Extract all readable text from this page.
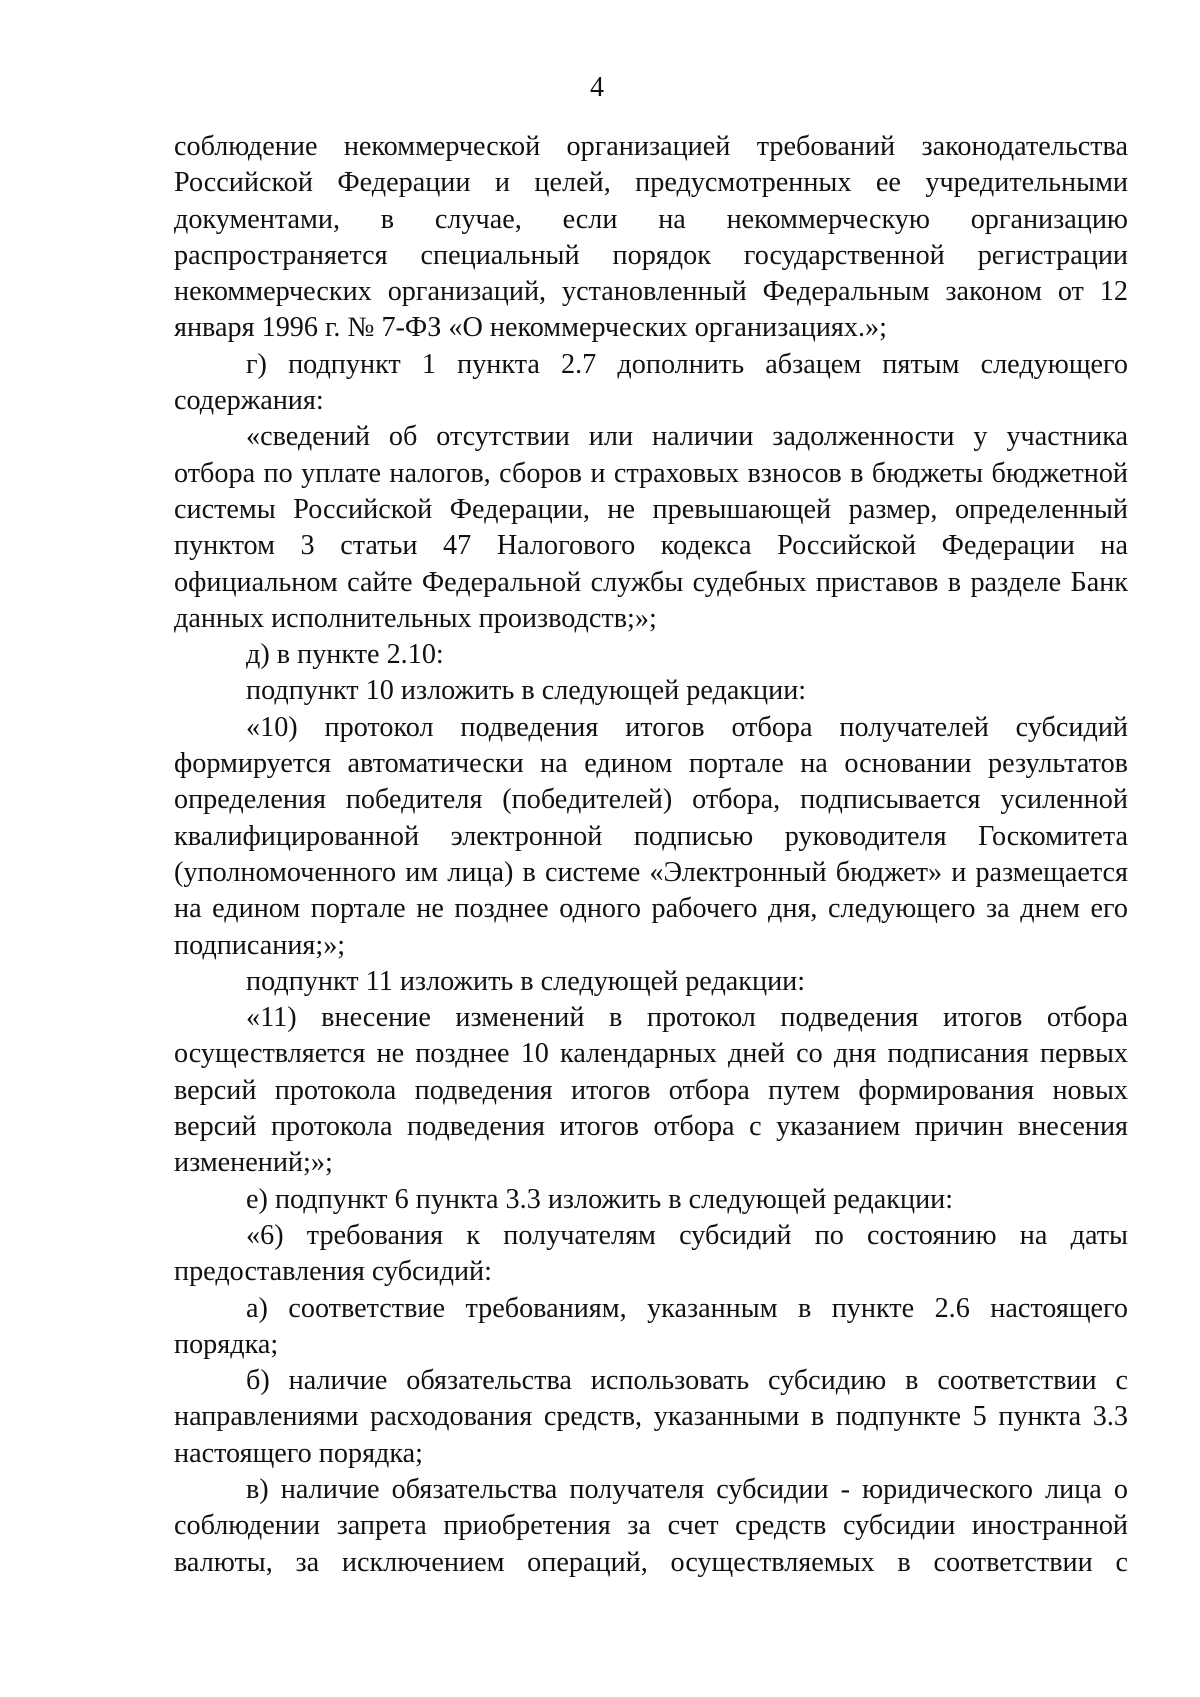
4

соблюдение некоммерческой организацией требований законодательства Российской Федерации и целей, предусмотренных ее учредительными документами, в случае, если на некоммерческую организацию распространяется специальный порядок государственной регистрации некоммерческих организаций, установленный Федеральным законом от 12 января 1996 г. № 7-ФЗ «О некоммерческих организациях.»;

г) подпункт 1 пункта 2.7 дополнить абзацем пятым следующего содержания:

«сведений об отсутствии или наличии задолженности у участника отбора по уплате налогов, сборов и страховых взносов в бюджеты бюджетной системы Российской Федерации, не превышающей размер, определенный пунктом 3 статьи 47 Налогового кодекса Российской Федерации на официальном сайте Федеральной службы судебных приставов в разделе Банк данных исполнительных производств;»;

д) в пункте 2.10:

подпункт 10 изложить в следующей редакции:

«10) протокол подведения итогов отбора получателей субсидий формируется автоматически на едином портале на основании результатов определения победителя (победителей) отбора, подписывается усиленной квалифицированной электронной подписью руководителя Госкомитета (уполномоченного им лица) в системе «Электронный бюджет» и размещается на едином портале не позднее одного рабочего дня, следующего за днем его подписания;»;

подпункт 11 изложить в следующей редакции:

«11) внесение изменений в протокол подведения итогов отбора осуществляется не позднее 10 календарных дней со дня подписания первых версий протокола подведения итогов отбора путем формирования новых версий протокола подведения итогов отбора с указанием причин внесения изменений;»;

е) подпункт 6 пункта 3.3 изложить в следующей редакции:

«6) требования к получателям субсидий по состоянию на даты предоставления субсидий:

а) соответствие требованиям, указанным в пункте 2.6 настоящего порядка;

б) наличие обязательства использовать субсидию в соответствии с направлениями расходования средств, указанными в подпункте 5 пункта 3.3 настоящего порядка;

в) наличие обязательства получателя субсидии - юридического лица о соблюдении запрета приобретения за счет средств субсидии иностранной валюты, за исключением операций, осуществляемых в соответствии с
